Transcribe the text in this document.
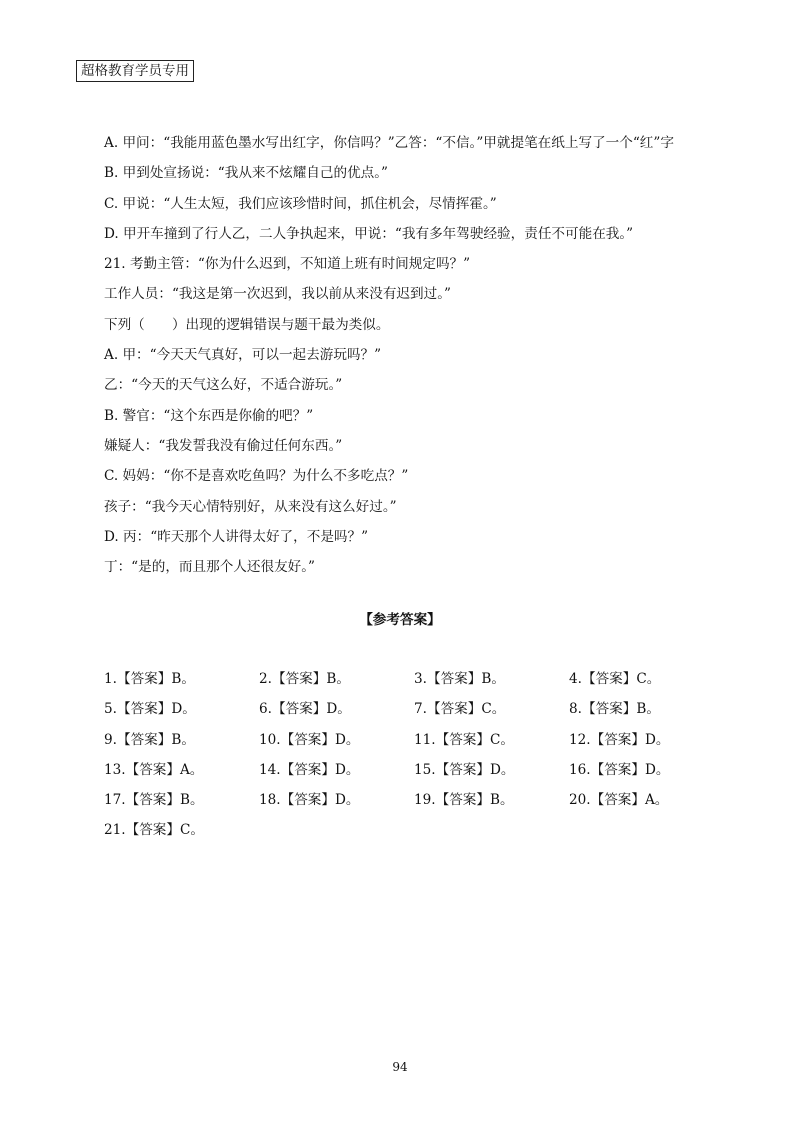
超格教育学员专用
A. 甲问：“我能用蓝色墨水写出红字，你信吗？”乙答：“不信。”甲就提笔在纸上写了一个“红”字
B. 甲到处宣扬说：“我从来不炫耀自己的优点。”
C. 甲说：“人生太短，我们应该珍惜时间，抓住机会，尽情挥霍。”
D. 甲开车撞到了行人乙，二人争执起来，甲说：“我有多年驾驶经验，责任不可能在我。”
21. 考勤主管：“你为什么迟到，不知道上班有时间规定吗？”
工作人员：“我这是第一次迟到，我以前从来没有迟到过。”
下列（　　）出现的逻辑错误与题干最为类似。
A. 甲：“今天天气真好，可以一起去游玩吗？”
乙：“今天的天气这么好，不适合游玩。”
B. 警官：“这个东西是你偷的吧？”
嫌疑人：“我发誓我没有偷过任何东西。”
C. 妈妈：“你不是喜欢吃鱼吗？为什么不多吃点？”
孩子：“我今天心情特别好，从来没有这么好过。”
D. 丙：“昨天那个人讲得太好了，不是吗？”
丁：“是的，而且那个人还很友好。”
【参考答案】
1.【答案】B。	2.【答案】B。	3.【答案】B。	4.【答案】C。
5.【答案】D。	6.【答案】D。	7.【答案】C。	8.【答案】B。
9.【答案】B。	10.【答案】D。	11.【答案】C。	12.【答案】D。
13.【答案】A。	14.【答案】D。	15.【答案】D。	16.【答案】D。
17.【答案】B。	18.【答案】D。	19.【答案】B。	20.【答案】A。
21.【答案】C。
94
